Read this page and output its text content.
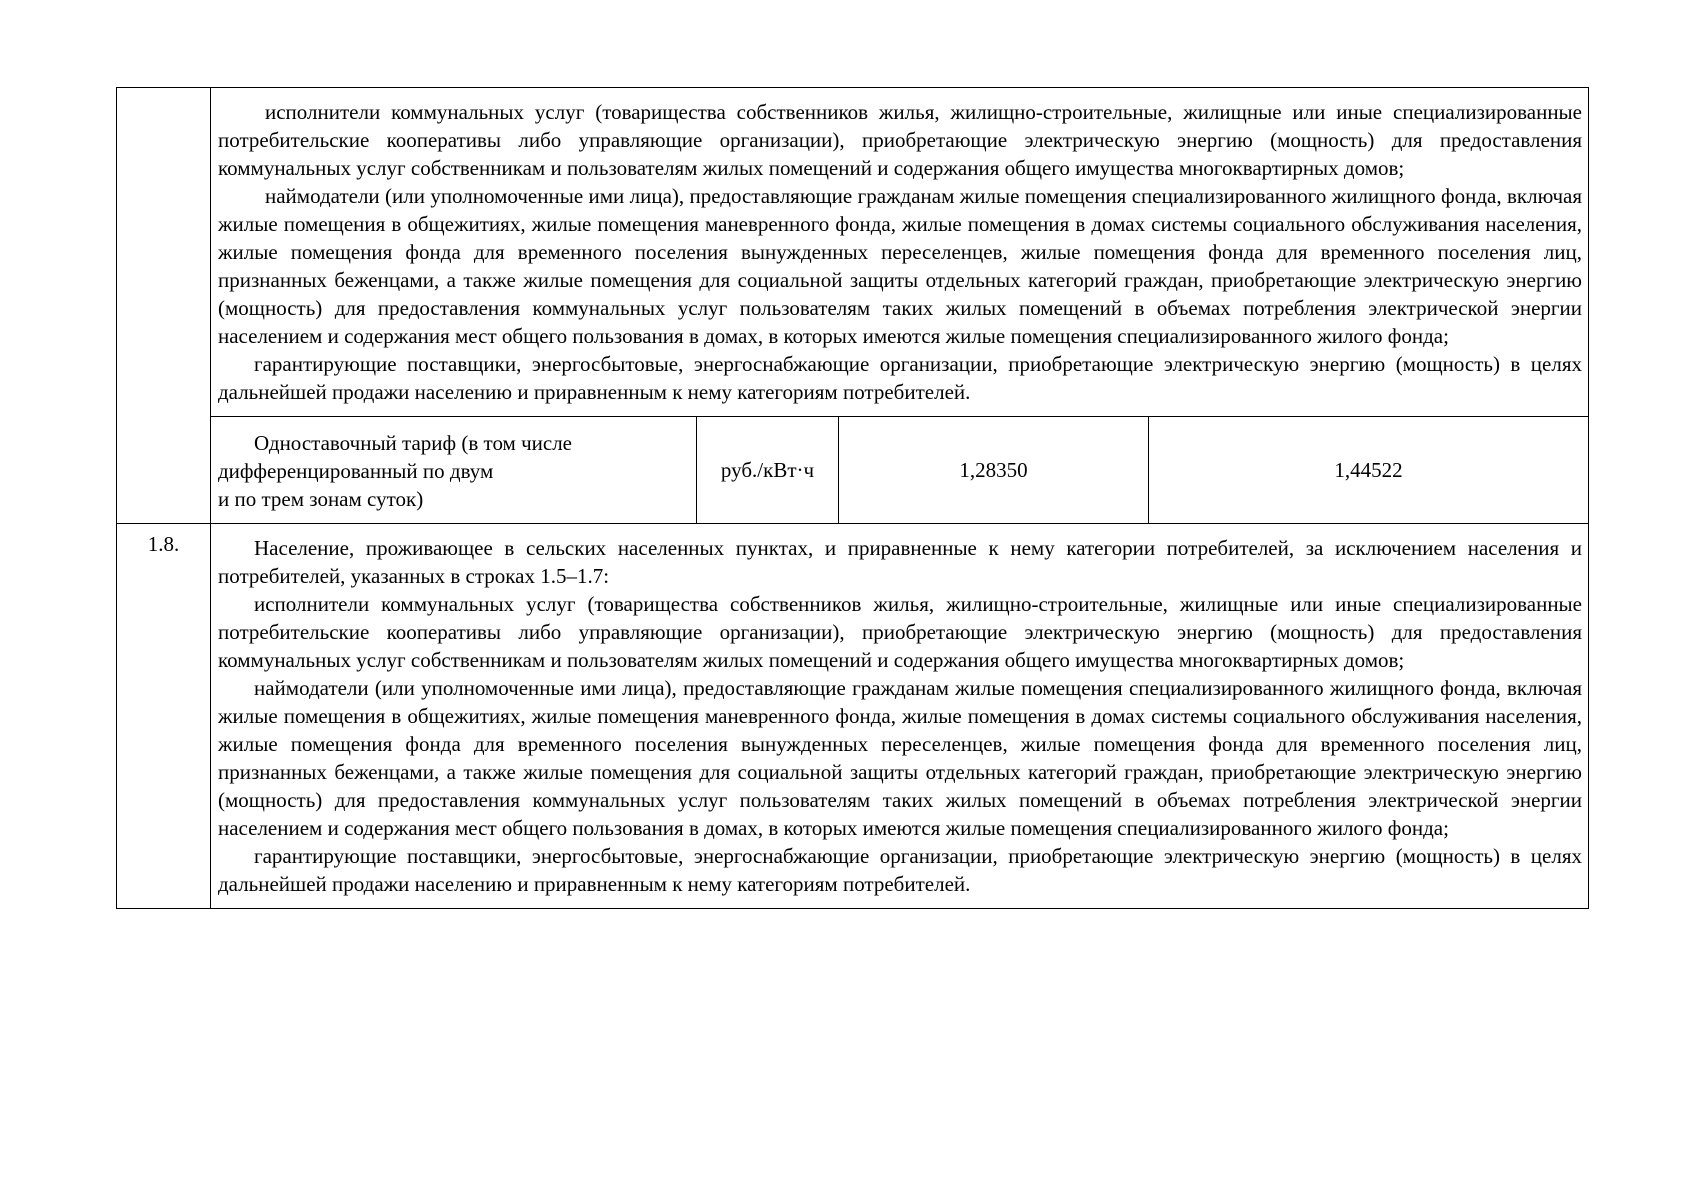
исполнители коммунальных услуг (товарищества собственников жилья, жилищно-строительные, жилищные или иные специализированные потребительские кооперативы либо управляющие организации), приобретающие электрическую энергию (мощность) для предоставления коммунальных услуг собственникам и пользователям жилых помещений и содержания общего имущества многоквартирных домов;

наймодатели (или уполномоченные ими лица), предоставляющие гражданам жилые помещения специализированного жилищного фонда, включая жилые помещения в общежитиях, жилые помещения маневренного фонда, жилые помещения в домах системы социального обслуживания населения, жилые помещения фонда для временного поселения вынужденных переселенцев, жилые помещения фонда для временного поселения лиц, признанных беженцами, а также жилые помещения для социальной защиты отдельных категорий граждан, приобретающие электрическую энергию (мощность) для предоставления коммунальных услуг пользователям таких жилых помещений в объемах потребления электрической энергии населением и содержания мест общего пользования в домах, в которых имеются жилые помещения специализированного жилого фонда;

гарантирующие поставщики, энергосбытовые, энергоснабжающие организации, приобретающие электрическую энергию (мощность) в целях дальнейшей продажи населению и приравненным к нему категориям потребителей.

Одноставочный тариф (в том числе
дифференцированный по двум
и по трем зонам суток)
	руб./кВт·ч	1,28350	1,44522

1.8.	Население, проживающее в сельских населенных пунктах, и приравненные к нему категории потребителей, за исключением населения и потребителей, указанных в строках 1.5–1.7:

исполнители коммунальных услуг (товарищества собственников жилья, жилищно-строительные, жилищные или иные специализированные потребительские кооперативы либо управляющие организации), приобретающие электрическую энергию (мощность) для предоставления коммунальных услуг собственникам и пользователям жилых помещений и содержания общего имущества многоквартирных домов;

наймодатели (или уполномоченные ими лица), предоставляющие гражданам жилые помещения специализированного жилищного фонда, включая жилые помещения в общежитиях, жилые помещения маневренного фонда, жилые помещения в домах системы социального обслуживания населения, жилые помещения фонда для временного поселения вынужденных переселенцев, жилые помещения фонда для временного поселения лиц, признанных беженцами, а также жилые помещения для социальной защиты отдельных категорий граждан, приобретающие электрическую энергию (мощность) для предоставления коммунальных услуг пользователям таких жилых помещений в объемах потребления электрической энергии населением и содержания мест общего пользования в домах, в которых имеются жилые помещения специализированного жилого фонда;

гарантирующие поставщики, энергосбытовые, энергоснабжающие организации, приобретающие электрическую энергию (мощность) в целях дальнейшей продажи населению и приравненным к нему категориям потребителей.
